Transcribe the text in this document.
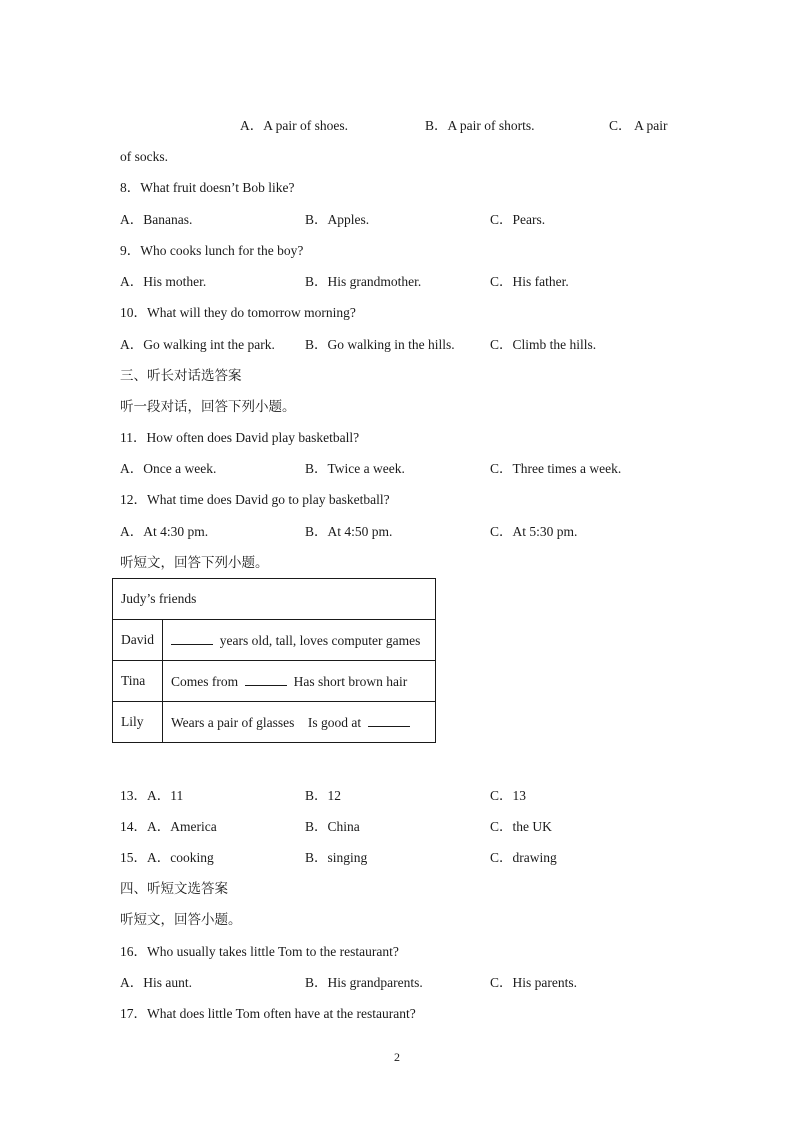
A．A pair of shoes.	B．A pair of shorts.	C． A pair
of socks.
8．What fruit doesn’t Bob like?
A．Bananas.	B．Apples.	C．Pears.
9．Who cooks lunch for the boy?
A．His mother.	B．His grandmother.	C．His father.
10．What will they do tomorrow morning?
A．Go walking int the park. B．Go walking in the hills.	C．Climb the hills.
三、听长对话选答案
听一段对话，回答下列小题。
11．How often does David play basketball?
A．Once a week.	B．Twice a week.	C．Three times a week.
12．What time does David go to play basketball?
A．At 4:30 pm.	B．At 4:50 pm.	C．At 5:30 pm.
听短文，回答下列小题。
Judy’s friends	
David	years old, tall, loves computer games
Tina	Comes from Has short brown hair
Lily	Wears a pair of glasses    Is good at
13．A．11	B．12	C．13
14．A．America	B．China	C．the UK
15．A．cooking	B．singing	C．drawing
四、听短文选答案
听短文，回答小题。
16．Who usually takes little Tom to the restaurant?
A．His aunt.	B．His grandparents.	C．His parents.
17．What does little Tom often have at the restaurant?
2
